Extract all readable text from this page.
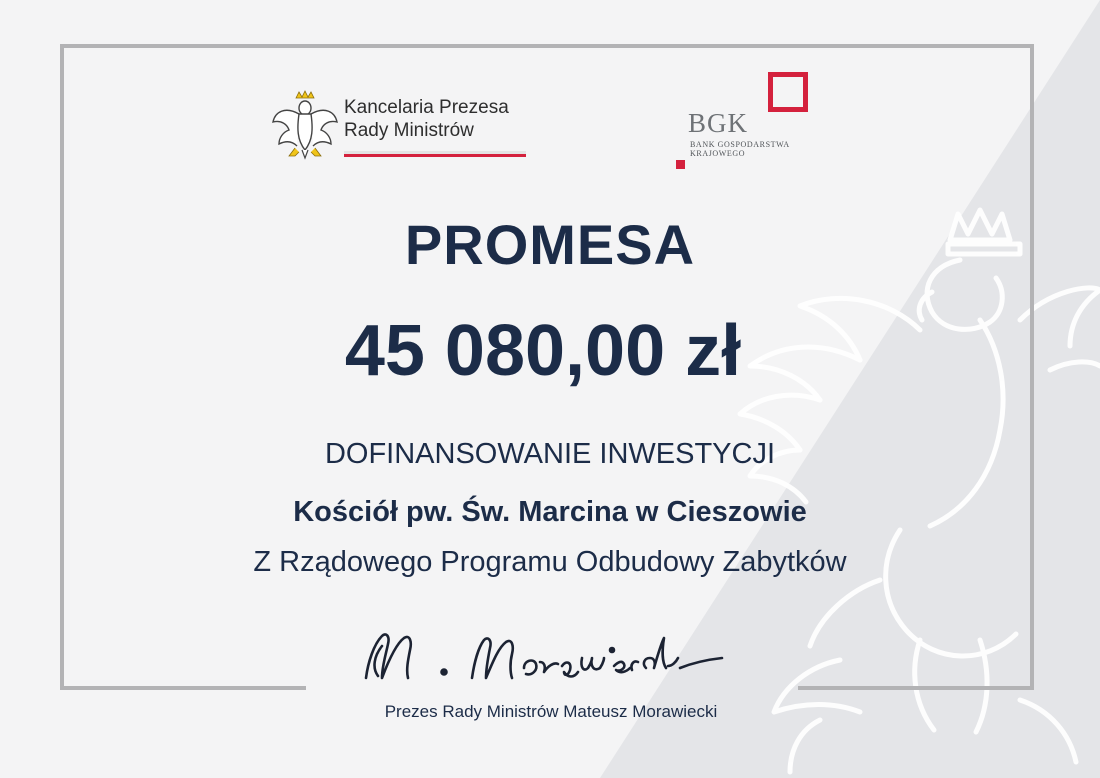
Kancelaria Prezesa
Rady Ministrów	BGK
BANK GOSPODARSTWA
KRAJOWEGO
PROMESA
45 080,00 zł
DOFINANSOWANIE INWESTYCJI
Kościół pw. Św. Marcina w Cieszowie
Z Rządowego Programu Odbudowy Zabytków
Prezes Rady Ministrów Mateusz Morawiecki
